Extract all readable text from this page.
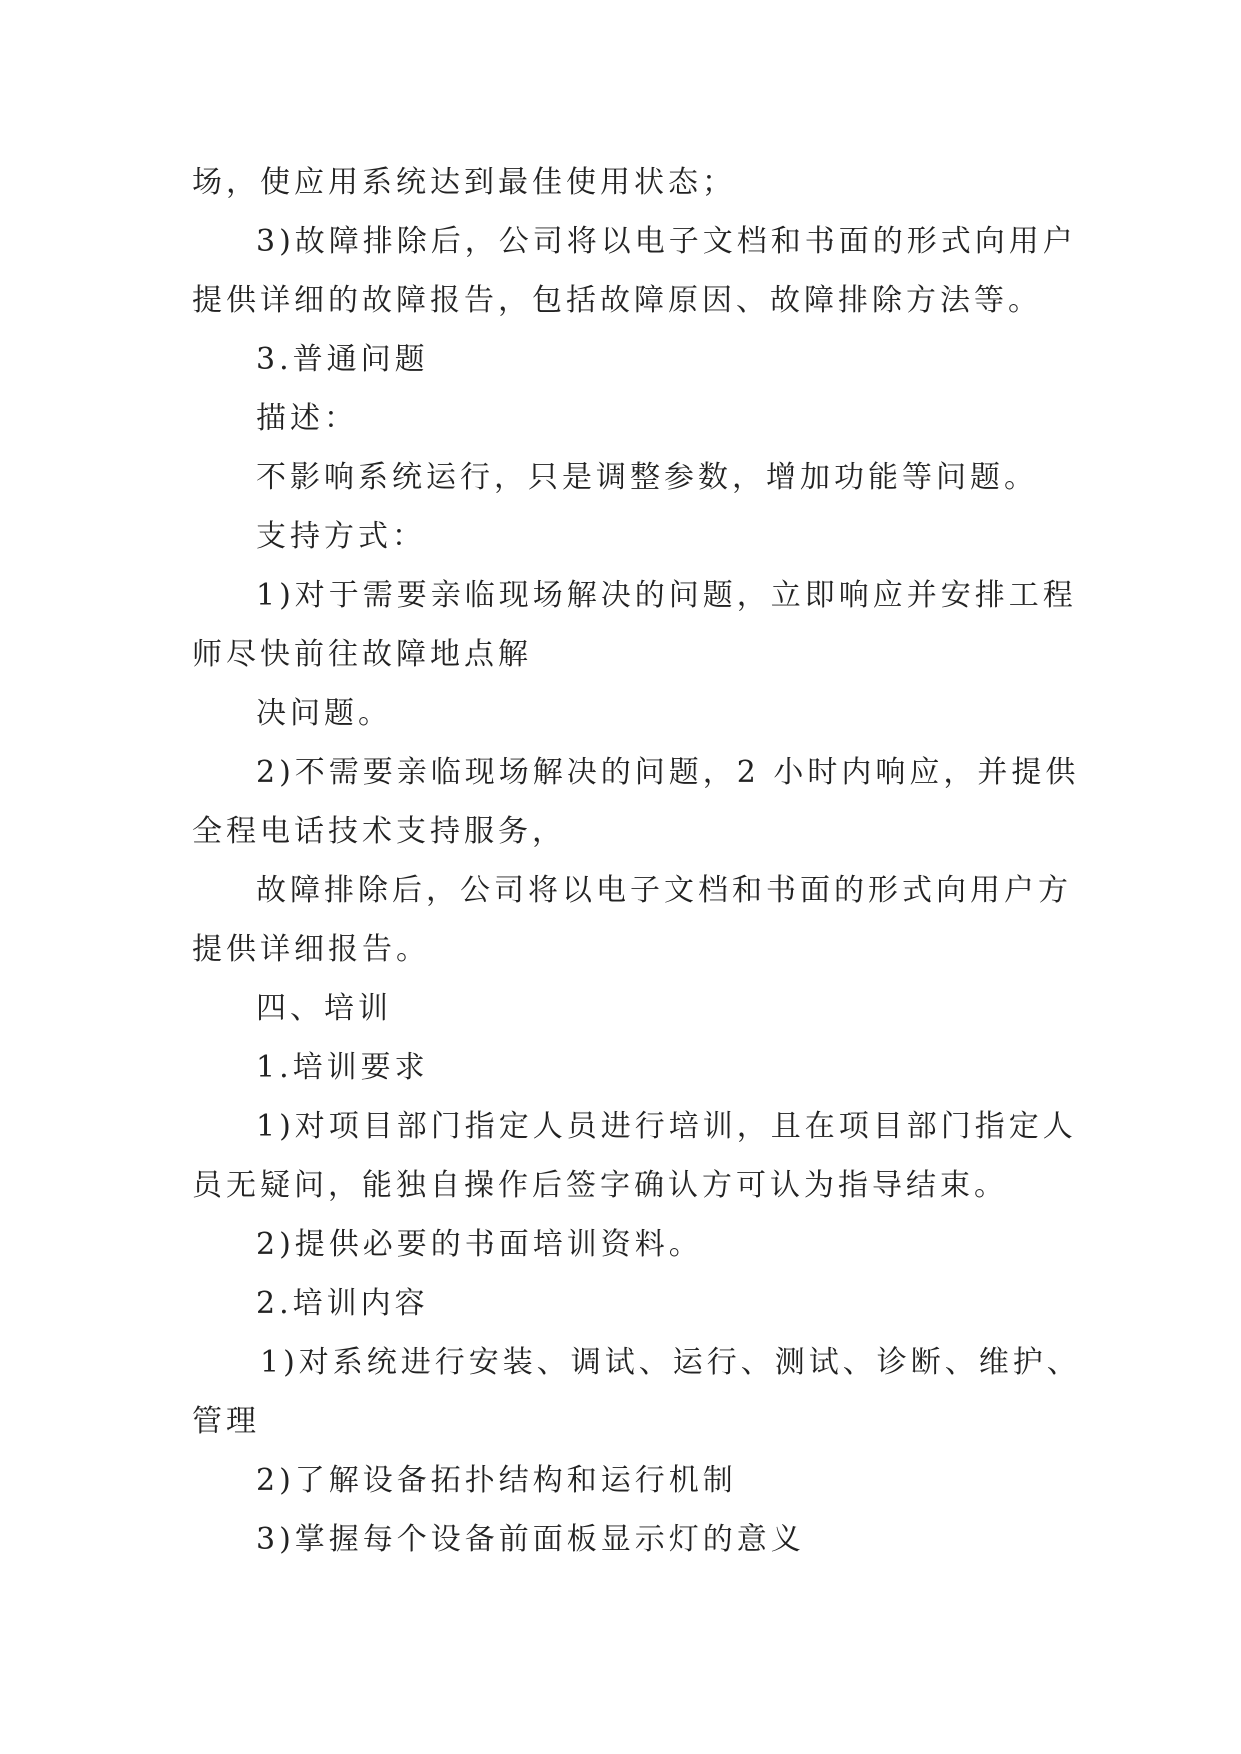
场，使应用系统达到最佳使用状态；
3)故障排除后，公司将以电子文档和书面的形式向用户
提供详细的故障报告，包括故障原因、故障排除方法等。
3.普通问题
描述：
不影响系统运行，只是调整参数，增加功能等问题。
支持方式：
1)对于需要亲临现场解决的问题，立即响应并安排工程
师尽快前往故障地点解
决问题。
2)不需要亲临现场解决的问题，2 小时内响应，并提供
全程电话技术支持服务，
故障排除后，公司将以电子文档和书面的形式向用户方
提供详细报告。
四、培训
1.培训要求
1)对项目部门指定人员进行培训，且在项目部门指定人
员无疑问，能独自操作后签字确认方可认为指导结束。
2)提供必要的书面培训资料。
2.培训内容
1)对系统进行安装、调试、运行、测试、诊断、维护、
管理
2)了解设备拓扑结构和运行机制
3)掌握每个设备前面板显示灯的意义
